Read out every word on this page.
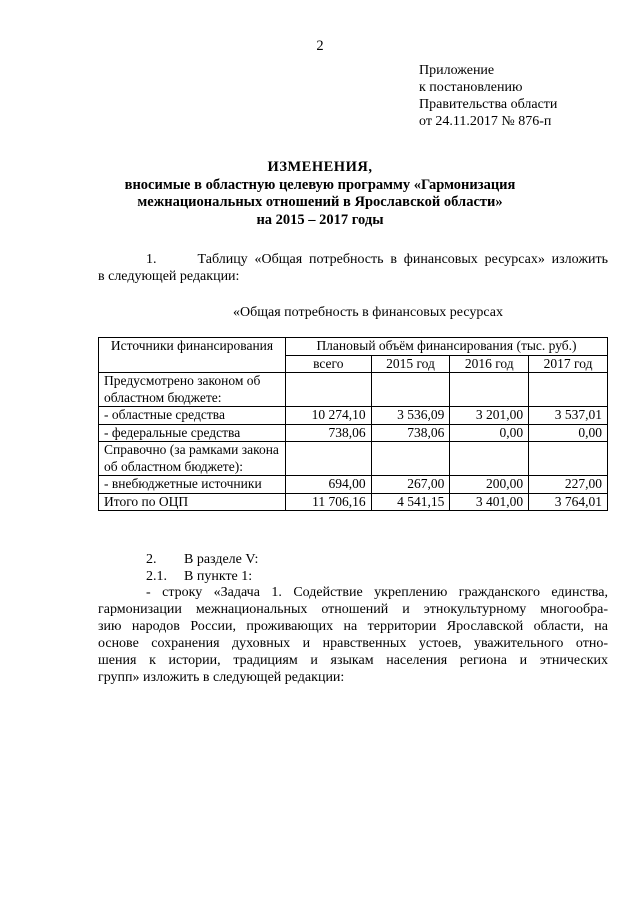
2
Приложение
к постановлению
Правительства области
от 24.11.2017 № 876-п
ИЗМЕНЕНИЯ,
вносимые в областную целевую программу «Гармонизация
межнациональных отношений в Ярославской области»
на 2015 – 2017 годы
1.      Таблицу «Общая потребность в финансовых ресурсах» изложить
в следующей редакции:
«Общая потребность в финансовых ресурсах
Источники финансирования	Плановый объём финансирования (тыс. руб.)			
	всего	2015 год	2016 год	2017 год
Предусмотрено законом об областном бюджете:				
- областные средства	10 274,10	3 536,09	3 201,00	3 537,01
- федеральные средства	738,06	738,06	0,00	0,00
Справочно (за рамками закона об областном бюджете):				
- внебюджетные источники	694,00	267,00	200,00	227,00
Итого по ОЦП	11 706,16	4 541,15	3 401,00	3 764,01
2. В разделе V:
2.1. В пункте 1:
- строку «Задача 1. Содействие укреплению гражданского единства,
гармонизации межнациональных отношений и этнокультурному многообра-
зию народов России, проживающих на территории Ярославской области, на
основе сохранения духовных и нравственных устоев, уважительного отно-
шения к истории, традициям и языкам населения региона и этнических
групп» изложить в следующей редакции:
